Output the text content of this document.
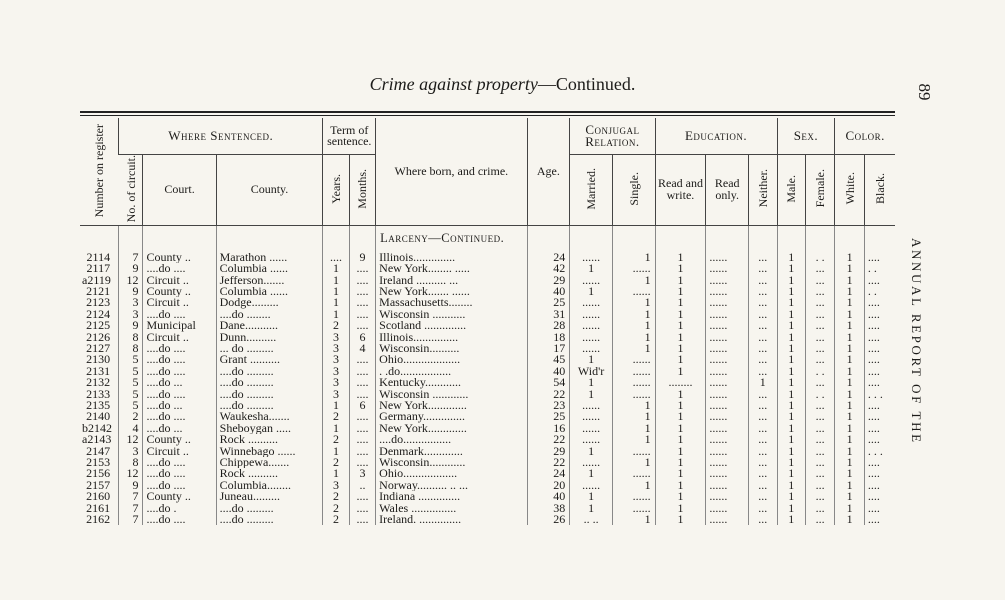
Crime against property—Continued.	89
ANNUAL REPORT OF THE
Number on register	Where Sentenced.			Term of sentence.		Where born, and crime.	Age.	Conjugal Relation.		Education.			Sex.		Color.	
	No. of circuit.	Court.	County.	Years.	Months.			Married.	Single.	Read and write.	Read only.	Neither.	Male.	Female.	White.	Black.
						Larceny—Continued.										
2114	7	County ..	Marathon ......	....	9	Illinois..............	24	......	1	1	......	...	1	. .	1	....
2117	9	....do ....	Columbia ......	1	....	New York........ .....	42	1	......	1	......	...	1	...	1	. .
a2119	12	Circuit ..	Jefferson.......	1	....	Ireland .......... ...	29	......	1	1	......	...	1	...	1	....
2121	9	County ..	Columbia ......	1	....	New York....... ......	40	1	......	1	......	...	1	...	1	. .
2123	3	Circuit ..	Dodge.........	1	....	Massachusetts........	25	......	1	1	......	...	1	...	1	....
2124	3	....do ....	....do ........	1	....	Wisconsin ...........	31	......	1	1	......	...	1	...	1	....
2125	9	Municipal	Dane...........	2	....	Scotland ..............	28	......	1	1	......	...	1	...	1	....
2126	8	Circuit ..	Dunn..........	3	6	Illinois...............	18	......	1	1	......	...	1	...	1	....
2127	8	....do ....	... do .........	3	4	Wisconsin..........	17	......	1	1	......	...	1	...	1	....
2130	5	....do ....	Grant ..........	3	....	Ohio...................	45	1	......	1	......	...	1	...	1	....
2131	5	....do ....	....do .........	3	....	. .do.................	40	Wid'r	......	1	......	...	1	. .	1	....
2132	5	....do ...	....do .........	3	....	Kentucky............	54	1	......	........	......	1	1	...	1	....
2133	5	....do ....	....do .........	3	....	Wisconsin ............	22	1	......	1	......	...	1	. .	1	. . .
2135	5	....do ...	....do .........	1	6	New York.............	23	......	1	1	......	...	1	...	1	....
2140	2	....do ....	Waukesha.......	2	....	Germany..............	25	......	1	1	......	...	1	...	1	....
b2142	4	....do ...	Sheboygan .....	1	....	New York.............	16	......	1	1	......	...	1	...	1	....
a2143	12	County ..	Rock ..........	2	....	....do................	22	......	1	1	......	...	1	...	1	....
2147	3	Circuit ..	Winnebago ......	1	....	Denmark.............	29	1	......	1	......	...	1	...	1	. . .
2153	8	....do ....	Chippewa.......	2	....	Wisconsin............	22	......	1	1	......	...	1	...	1	....
2156	12	....do ....	Rock ..........	1	3	Ohio..................	24	1	......	1	......	...	1	...	1	....
2157	9	....do ....	Columbia........	3	..	Norway.......... .. ...	20	......	1	1	......	...	1	...	1	....
2160	7	County ..	Juneau.........	2	....	Indiana ..............	40	1	......	1	......	...	1	...	1	....
2161	7	....do .	....do .........	2	....	Wales ...............	38	1	......	1	......	...	1	...	1	....
2162	7	....do ....	....do .........	2	....	Ireland. ..............	26	.. ..	1	1	......	...	1	...	1	....
